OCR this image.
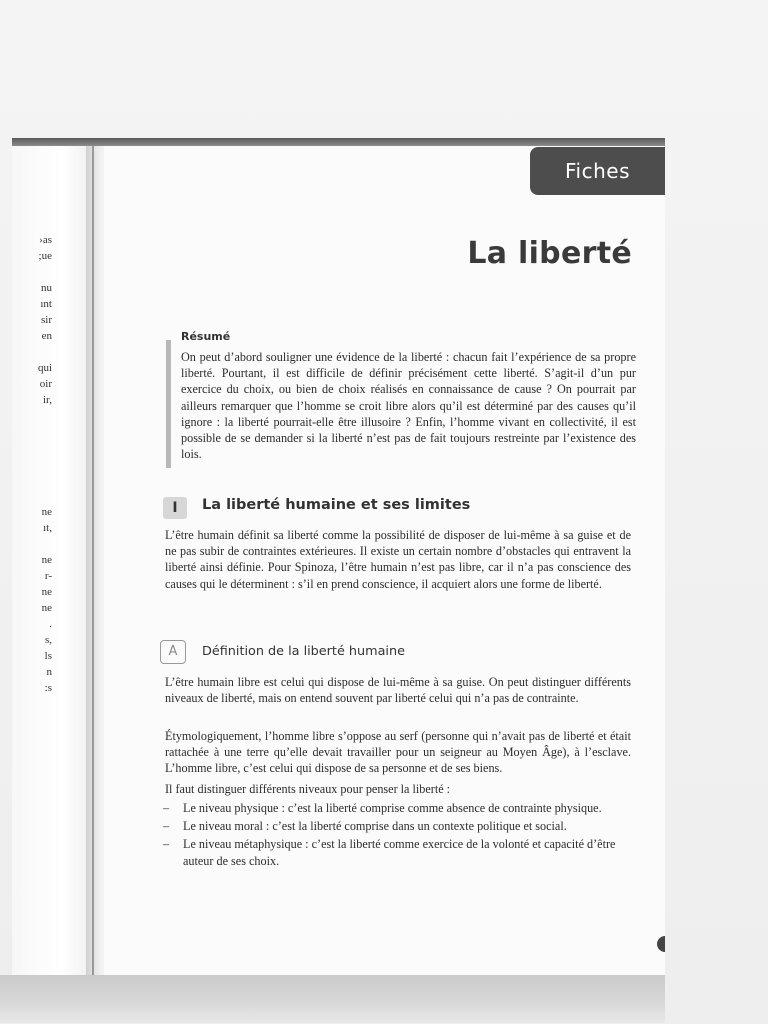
›as
;ue

nu
ınt
sir
en

qui
oir
ir,

ne
ıt,

ne
r-
ne
ne
.
s,
ls
n
:s
Fiches
La liberté
Résumé
On peut d’abord souligner une évidence de la liberté : chacun fait l’expérience de sa propre liberté. Pourtant, il est difficile de définir précisément cette liberté. S’agit-il d’un pur exercice du choix, ou bien de choix réalisés en connaissance de cause ? On pourrait par ailleurs remarquer que l’homme se croit libre alors qu’il est déterminé par des causes qu’il ignore : la liberté pourrait-elle être illusoire ? Enfin, l’homme vivant en collectivité, il est possible de se demander si la liberté n’est pas de fait toujours restreinte par l’existence des lois.
I	La liberté humaine et ses limites
L’être humain définit sa liberté comme la possibilité de disposer de lui-même à sa guise et de ne pas subir de contraintes extérieures. Il existe un certain nombre d’obstacles qui entravent la liberté ainsi définie. Pour Spinoza, l’être humain n’est pas libre, car il n’a pas conscience des causes qui le déterminent : s’il en prend conscience, il acquiert alors une forme de liberté.
A	Définition de la liberté humaine
L’être humain libre est celui qui dispose de lui-même à sa guise. On peut distinguer différents niveaux de liberté, mais on entend souvent par liberté celui qui n’a pas de contrainte.
Étymologiquement, l’homme libre s’oppose au serf (personne qui n’avait pas de liberté et était rattachée à une terre qu’elle devait travailler pour un seigneur au Moyen Âge), à l’esclave. L’homme libre, c’est celui qui dispose de sa personne et de ses biens.
Il faut distinguer différents niveaux pour penser la liberté :
– Le niveau physique : c’est la liberté comprise comme absence de contrainte physique.
– Le niveau moral : c’est la liberté comprise dans un contexte politique et social.
– Le niveau métaphysique : c’est la liberté comme exercice de la volonté et capacité d’être auteur de ses choix.
